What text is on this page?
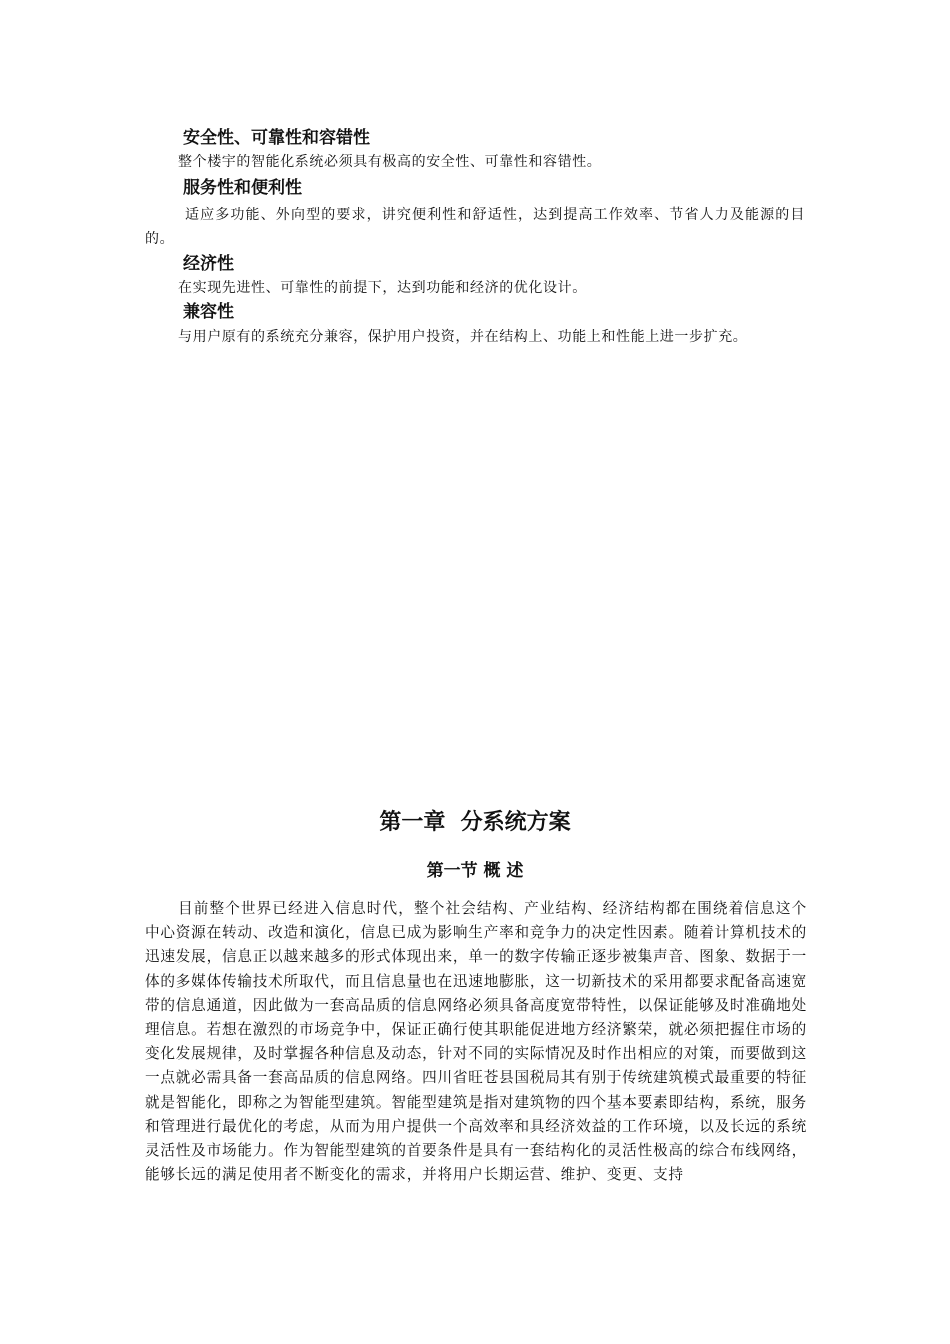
安全性、可靠性和容错性

整个楼宇的智能化系统必须具有极高的安全性、可靠性和容错性。

服务性和便利性

适应多功能、外向型的要求，讲究便利性和舒适性，达到提高工作效率、节省人力及能源的目的。

经济性

在实现先进性、可靠性的前提下，达到功能和经济的优化设计。

兼容性

与用户原有的系统充分兼容，保护用户投资，并在结构上、功能上和性能上进一步扩充。

第一章  分系统方案
第一节 概 述

目前整个世界已经进入信息时代，整个社会结构、产业结构、经济结构都在围绕着信息这个中心资源在转动、改造和演化，信息已成为影响生产率和竞争力的决定性因素。随着计算机技术的迅速发展，信息正以越来越多的形式体现出来，单一的数字传输正逐步被集声音、图象、数据于一体的多媒体传输技术所取代，而且信息量也在迅速地膨胀，这一切新技术的采用都要求配备高速宽带的信息通道，因此做为一套高品质的信息网络必须具备高度宽带特性，以保证能够及时准确地处理信息。若想在激烈的市场竞争中，保证正确行使其职能促进地方经济繁荣，就必须把握住市场的变化发展规律，及时掌握各种信息及动态，针对不同的实际情况及时作出相应的对策，而要做到这一点就必需具备一套高品质的信息网络。四川省旺苍县国税局其有别于传统建筑模式最重要的特征就是智能化，即称之为智能型建筑。智能型建筑是指对建筑物的四个基本要素即结构，系统，服务和管理进行最优化的考虑，从而为用户提供一个高效率和具经济效益的工作环境，以及长远的系统灵活性及市场能力。作为智能型建筑的首要条件是具有一套结构化的灵活性极高的综合布线网络，能够长远的满足使用者不断变化的需求，并将用户长期运营、维护、变更、支持
